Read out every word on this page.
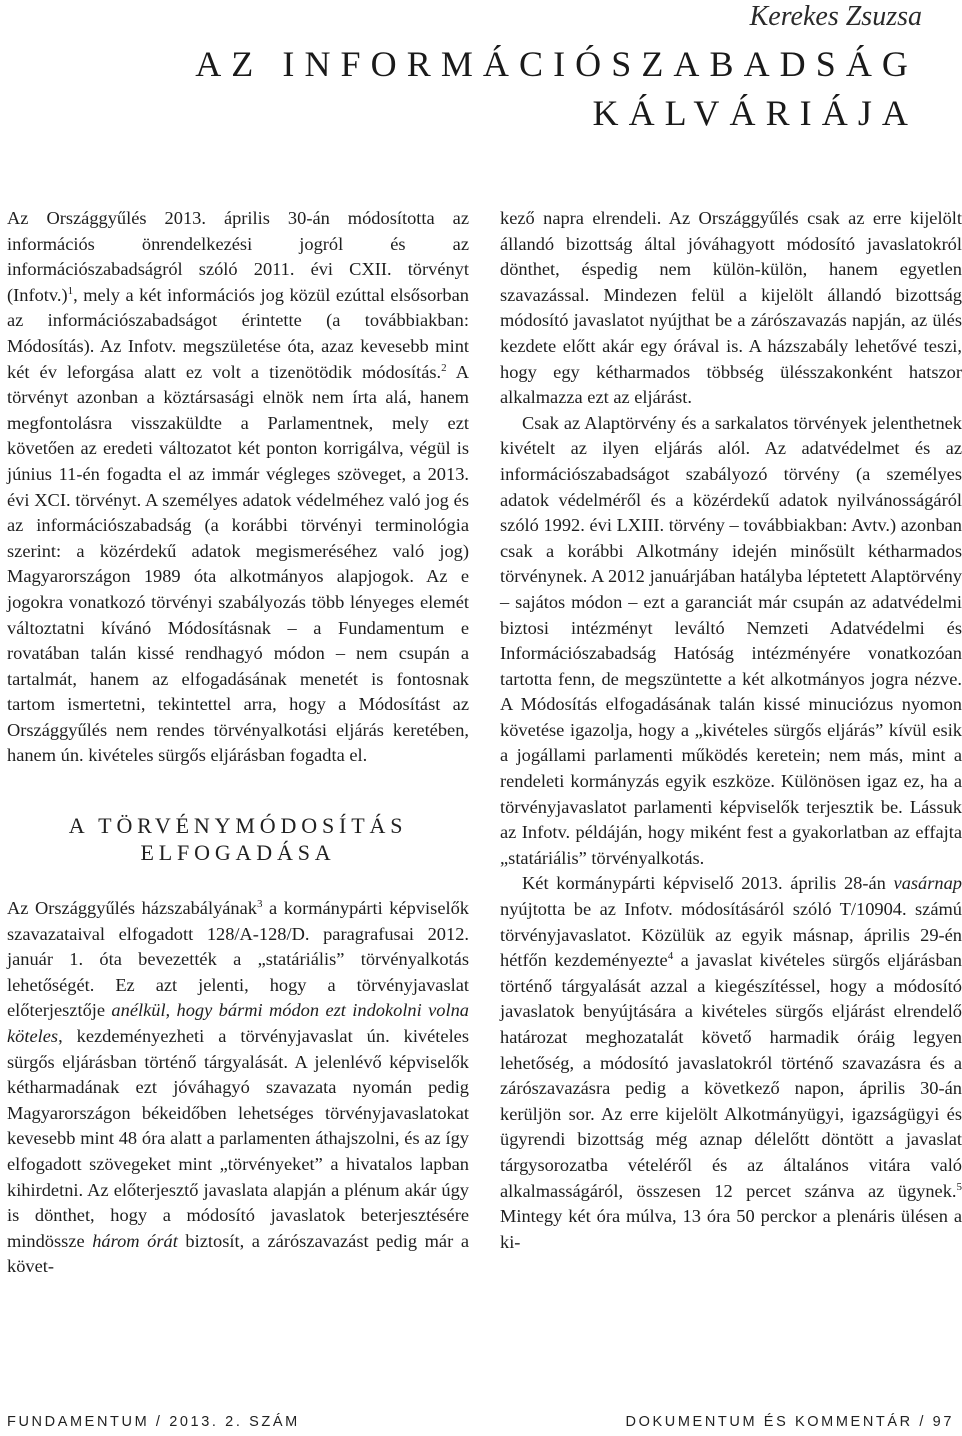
Kerekes Zsuzsa
AZ INFORMÁCIÓSZABADSÁG
KÁLVÁRIÁJA

Az Országgyűlés 2013. április 30-án módosította az információs önrendelkezési jogról és az információszabadságról szóló 2011. évi CXII. törvényt (Infotv.)$^1$, mely a két információs jog közül ezúttal elsősorban az információszabadságot érintette (a továbbiakban: Módosítás). Az Infotv. megszületése óta, azaz kevesebb mint két év leforgása alatt ez volt a tizenötödik módosítás.$^2$ A törvényt azonban a köztársasági elnök nem írta alá, hanem megfontolásra visszaküldte a Parlamentnek, mely ezt követően az eredeti változatot két ponton korrigálva, végül is június 11-én fogadta el az immár végleges szöveget, a 2013. évi XCI. törvényt. A személyes adatok védelméhez való jog és az információszabadság (a korábbi törvényi terminológia szerint: a közérdekű adatok megismeréséhez való jog) Magyarországon 1989 óta alkotmányos alapjogok. Az e jogokra vonatkozó törvényi szabályozás több lényeges elemét változtatni kívánó Módosításnak – a Fundamentum e rovatában talán kissé rendhagyó módon – nem csupán a tartalmát, hanem az elfogadásának menetét is fontosnak tartom ismertetni, tekintettel arra, hogy a Módosítást az Országgyűlés nem rendes törvényalkotási eljárás keretében, hanem ún. kivételes sürgős eljárásban fogadta el.

A TÖRVÉNYMÓDOSÍTÁS
ELFOGADÁSA

Az Országgyűlés házszabályának$^3$ a kormánypárti képviselők szavazataival elfogadott 128/A-128/D. paragrafusai 2012. január 1. óta bevezették a „statáriális” törvényalkotás lehetőségét. Ez azt jelenti, hogy a törvényjavaslat előterjesztője anélkül, hogy bármi módon ezt indokolni volna köteles, kezdeményezheti a törvényjavaslat ún. kivételes sürgős eljárásban történő tárgyalását. A jelenlévő képviselők kétharmadának ezt jóváhagyó szavazata nyomán pedig Magyarországon békeidőben lehetséges törvényjavaslatokat kevesebb mint 48 óra alatt a parlamenten áthajszolni, és az így elfogadott szövegeket mint „törvényeket” a hivatalos lapban kihirdetni. Az előterjesztő javaslata alapján a plénum akár úgy is dönthet, hogy a módosító javaslatok beterjesztésére mindössze három órát biztosít, a zárószavazást pedig már a követ-

kező napra elrendeli. Az Országgyűlés csak az erre kijelölt állandó bizottság által jóváhagyott módosító javaslatokról dönthet, éspedig nem külön-külön, hanem egyetlen szavazással. Mindezen felül a kijelölt állandó bizottság módosító javaslatot nyújthat be a zárószavazás napján, az ülés kezdete előtt akár egy órával is. A házszabály lehetővé teszi, hogy egy kétharmados többség ülésszakonként hatszor alkalmazza ezt az eljárást.

Csak az Alaptörvény és a sarkalatos törvények jelenthetnek kivételt az ilyen eljárás alól. Az adatvédelmet és az információszabadságot szabályozó törvény (a személyes adatok védelméről és a közérdekű adatok nyilvánosságáról szóló 1992. évi LXIII. törvény – továbbiakban: Avtv.) azonban csak a korábbi Alkotmány idején minősült kétharmados törvénynek. A 2012 januárjában hatályba léptetett Alaptörvény – sajátos módon – ezt a garanciát már csupán az adatvédelmi biztosi intézményt leváltó Nemzeti Adatvédelmi és Információszabadság Hatóság intézményére vonatkozóan tartotta fenn, de megszüntette a két alkotmányos jogra nézve. A Módosítás elfogadásának talán kissé minuciózus nyomon követése igazolja, hogy a „kivételes sürgős eljárás” kívül esik a jogállami parlamenti működés keretein; nem más, mint a rendeleti kormányzás egyik eszköze. Különösen igaz ez, ha a törvényjavaslatot parlamenti képviselők terjesztik be. Lássuk az Infotv. példáján, hogy miként fest a gyakorlatban az effajta „statáriális” törvényalkotás.

Két kormánypárti képviselő 2013. április 28-án vasárnap nyújtotta be az Infotv. módosításáról szóló T/10904. számú törvényjavaslatot. Közülük az egyik másnap, április 29-én hétfőn kezdeményezte$^4$ a javaslat kivételes sürgős eljárásban történő tárgyalását azzal a kiegészítéssel, hogy a módosító javaslatok benyújtására a kivételes sürgős eljárást elrendelő határozat meghozatalát követő harmadik óráig legyen lehetőség, a módosító javaslatokról történő szavazásra és a zárószavazásra pedig a következő napon, április 30-án kerüljön sor. Az erre kijelölt Alkotmányügyi, igazságügyi és ügyrendi bizottság még aznap délelőtt döntött a javaslat tárgysorozatba vételéről és az általános vitára való alkalmasságáról, összesen 12 percet szánva az ügynek.$^5$ Mintegy két óra múlva, 13 óra 50 perckor a plenáris ülésen a ki-

FUNDAMENTUM / 2013. 2. SZÁM	DOKUMENTUM ÉS KOMMENTÁR / 97
